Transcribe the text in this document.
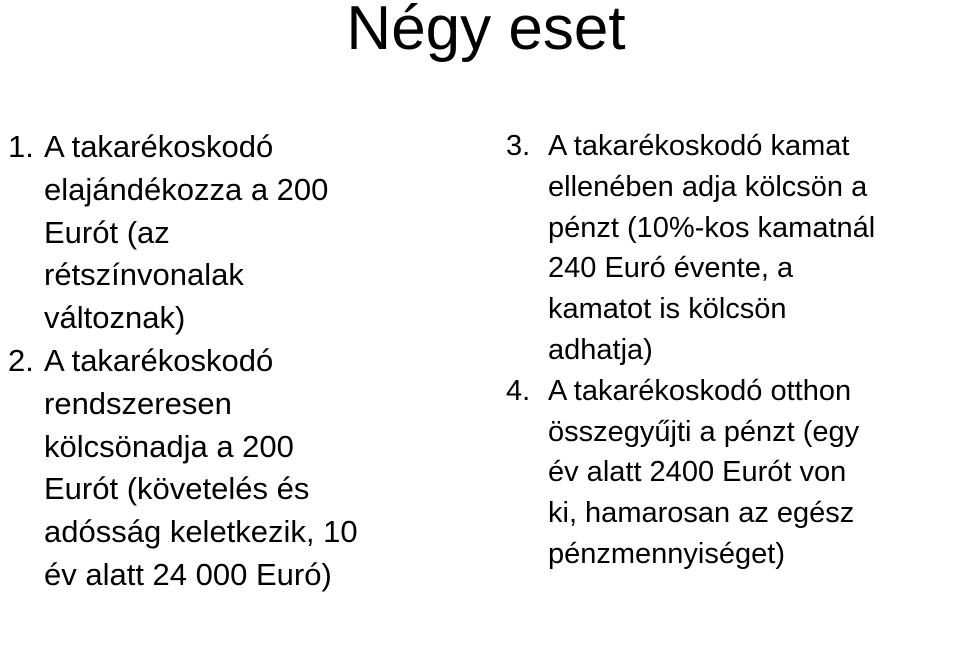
Négy eset
1. A takarékoskodó
elajándékozza a 200
Eurót (az
rétszínvonalak
változnak)
2. A takarékoskodó
rendszeresen
kölcsönadja a 200
Eurót (követelés és
adósság keletkezik, 10
év alatt 24 000 Euró)
3. A takarékoskodó kamat
ellenében adja kölcsön a
pénzt (10%-kos kamatnál
240 Euró évente, a
kamatot is kölcsön
adhatja)
4. A takarékoskodó otthon
összegyűjti a pénzt (egy
év alatt 2400 Eurót von
ki, hamarosan az egész
pénzmennyiséget)
